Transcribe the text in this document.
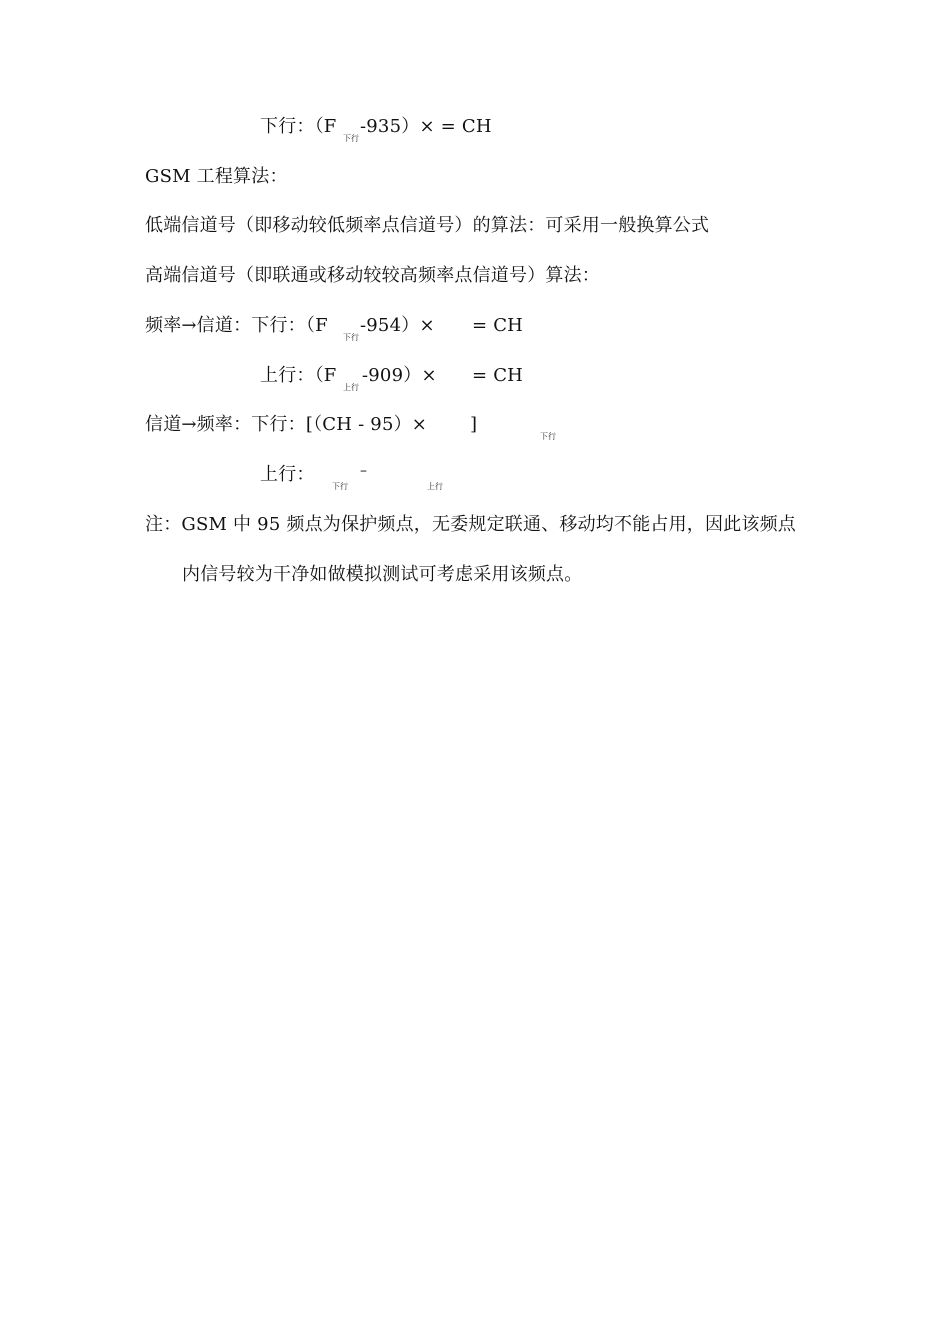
下行：（F
下行
-935）× = CH
GSM 工程算法：
低端信道号（即移动较低频率点信道号）的算法：可采用一般换算公式
高端信道号（即联通或移动较较高频率点信道号）算法：
频率→信道：下行：（F
下行
-954）× = CH
上行：（F
上行
-909）× = CH
信道→频率：下行：[（CH - 95）× ]
下行
上行：
下行
–
上行
注：GSM 中 95 频点为保护频点，无委规定联通、移动均不能占用，因此该频点
内信号较为干净如做模拟测试可考虑采用该频点。
